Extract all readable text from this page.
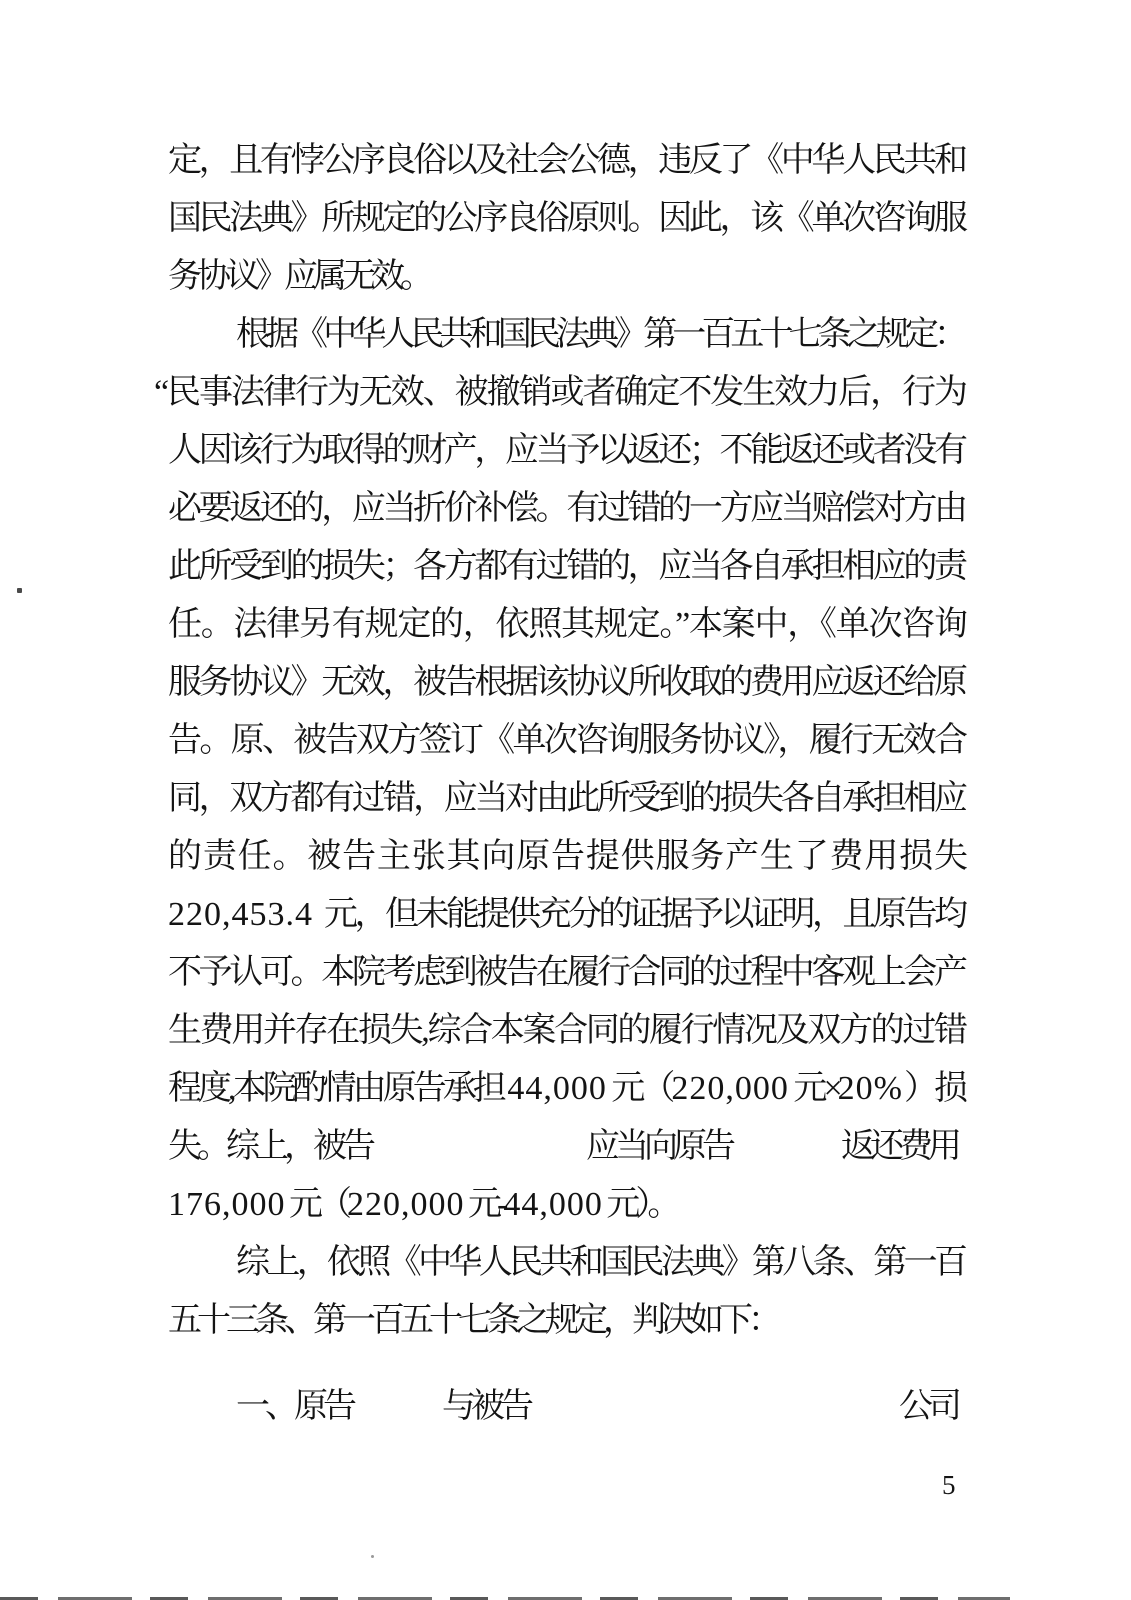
定，且有悖公序良俗以及社会公德，违反了《中华人民共和
国民法典》所规定的公序良俗原则。因此，该《单次咨询服
务协议》应属无效。
根据《中华人民共和国民法典》第一百五十七条之规定：
“民事法律行为无效、被撤销或者确定不发生效力后，行为
人因该行为取得的财产，应当予以返还；不能返还或者没有
必要返还的，应当折价补偿。有过错的一方应当赔偿对方由
此所受到的损失；各方都有过错的，应当各自承担相应的责
任。法律另有规定的，依照其规定。”本案中，《单次咨询
服务协议》无效，被告根据该协议所收取的费用应返还给原
告。原、被告双方签订《单次咨询服务协议》，履行无效合
同，双方都有过错，应当对由此所受到的损失各自承担相应
的责任。被告主张其向原告提供服务产生了费用损失
220,453.4 元，但未能提供充分的证据予以证明，且原告均
不予认可。本院考虑到被告在履行合同的过程中客观上会产
生费用并存在损失,综合本案合同的履行情况及双方的过错
程度,本院酌情由原告承担 44,000 元（220,000 元×20%）损
失。综上，被告	应当向原告	返还费用
176,000 元（220,000 元-44,000 元）。
综上，依照《中华人民共和国民法典》第八条、第一百
五十三条、第一百五十七条之规定，判决如下：
一、原告	与被告	公司
5
